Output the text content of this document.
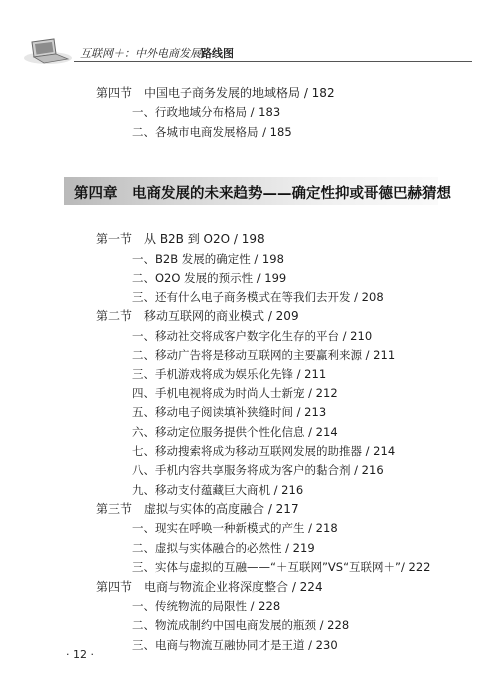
互联网＋：中外电商发展路线图
第四章　电商发展的未来趋势——确定性抑或哥德巴赫猜想
· 12 ·
第四节　中国电子商务发展的地域格局 / 182
一、行政地域分布格局 / 183
二、各城市电商发展格局 / 185
第一节　从 B2B 到 O2O / 198
一、B2B 发展的确定性 / 198
二、O2O 发展的预示性 / 199
三、还有什么电子商务模式在等我们去开发 / 208
第二节　移动互联网的商业模式 / 209
一、移动社交将成客户数字化生存的平台 / 210
二、移动广告将是移动互联网的主要赢利来源 / 211
三、手机游戏将成为娱乐化先锋 / 211
四、手机电视将成为时尚人士新宠 / 212
五、移动电子阅读填补狭缝时间 / 213
六、移动定位服务提供个性化信息 / 214
七、移动搜索将成为移动互联网发展的助推器 / 214
八、手机内容共享服务将成为客户的黏合剂 / 216
九、移动支付蕴藏巨大商机 / 216
第三节　虚拟与实体的高度融合 / 217
一、现实在呼唤一种新模式的产生 / 218
二、虚拟与实体融合的必然性 / 219
三、实体与虚拟的互融——“＋互联网”VS“互联网＋”/ 222
第四节　电商与物流企业将深度整合 / 224
一、传统物流的局限性 / 228
二、物流成制约中国电商发展的瓶颈 / 228
三、电商与物流互融协同才是王道 / 230
